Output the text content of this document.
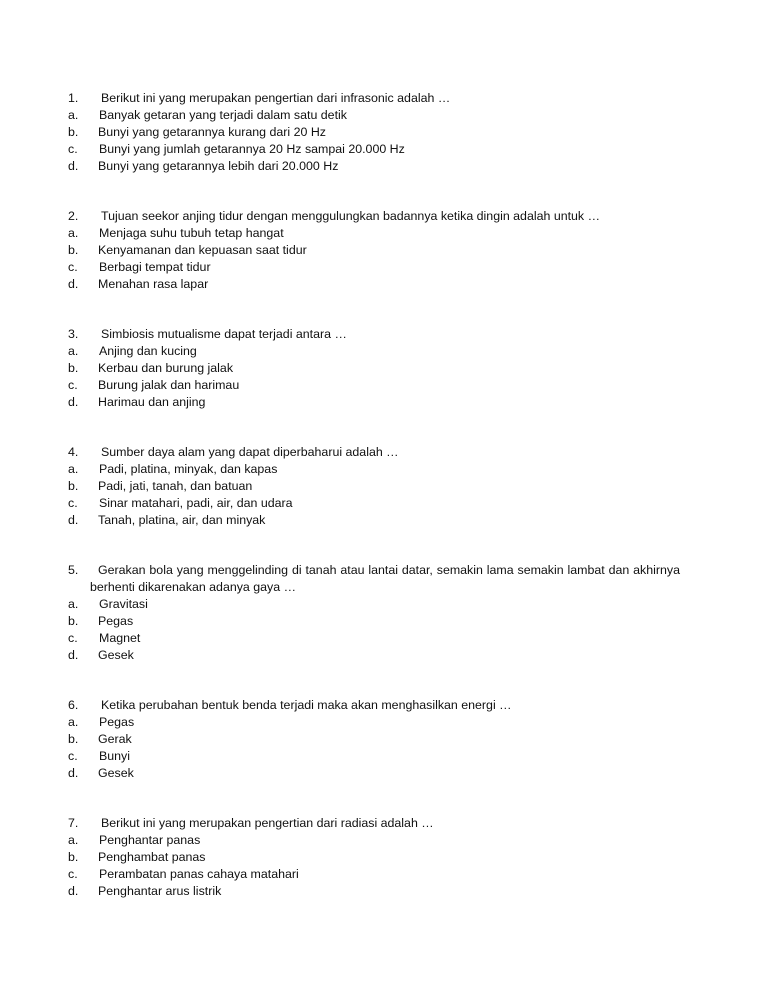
1.	Berikut ini yang merupakan pengertian dari infrasonic adalah …
a.	Banyak getaran yang terjadi dalam satu detik
b.	Bunyi yang getarannya kurang dari 20 Hz
c.	Bunyi yang jumlah getarannya 20 Hz sampai 20.000 Hz
d.	Bunyi yang getarannya lebih dari 20.000 Hz
2.	Tujuan seekor anjing tidur dengan menggulungkan badannya ketika dingin adalah untuk …
a.	Menjaga suhu tubuh tetap hangat
b.	Kenyamanan dan kepuasan saat tidur
c.	Berbagi tempat tidur
d.	Menahan rasa lapar
3.	Simbiosis mutualisme dapat terjadi antara …
a.	Anjing dan kucing
b.	Kerbau dan burung jalak
c.	Burung jalak dan harimau
d.	Harimau dan anjing
4.	Sumber daya alam yang dapat diperbaharui adalah …
a.	Padi, platina, minyak, dan kapas
b.	Padi, jati, tanah, dan batuan
c.	Sinar matahari, padi, air, dan udara
d.	Tanah, platina, air, dan minyak
5.	Gerakan bola yang menggelinding di tanah atau lantai datar, semakin lama semakin lambat dan akhirnya berhenti dikarenakan adanya gaya …
a.	Gravitasi
b.	Pegas
c.	Magnet
d.	Gesek
6.	Ketika perubahan bentuk benda terjadi maka akan menghasilkan energi …
a.	Pegas
b.	Gerak
c.	Bunyi
d.	Gesek
7.	Berikut ini yang merupakan pengertian dari radiasi adalah …
a.	Penghantar panas
b.	Penghambat panas
c.	Perambatan panas cahaya matahari
d.	Penghantar arus listrik
